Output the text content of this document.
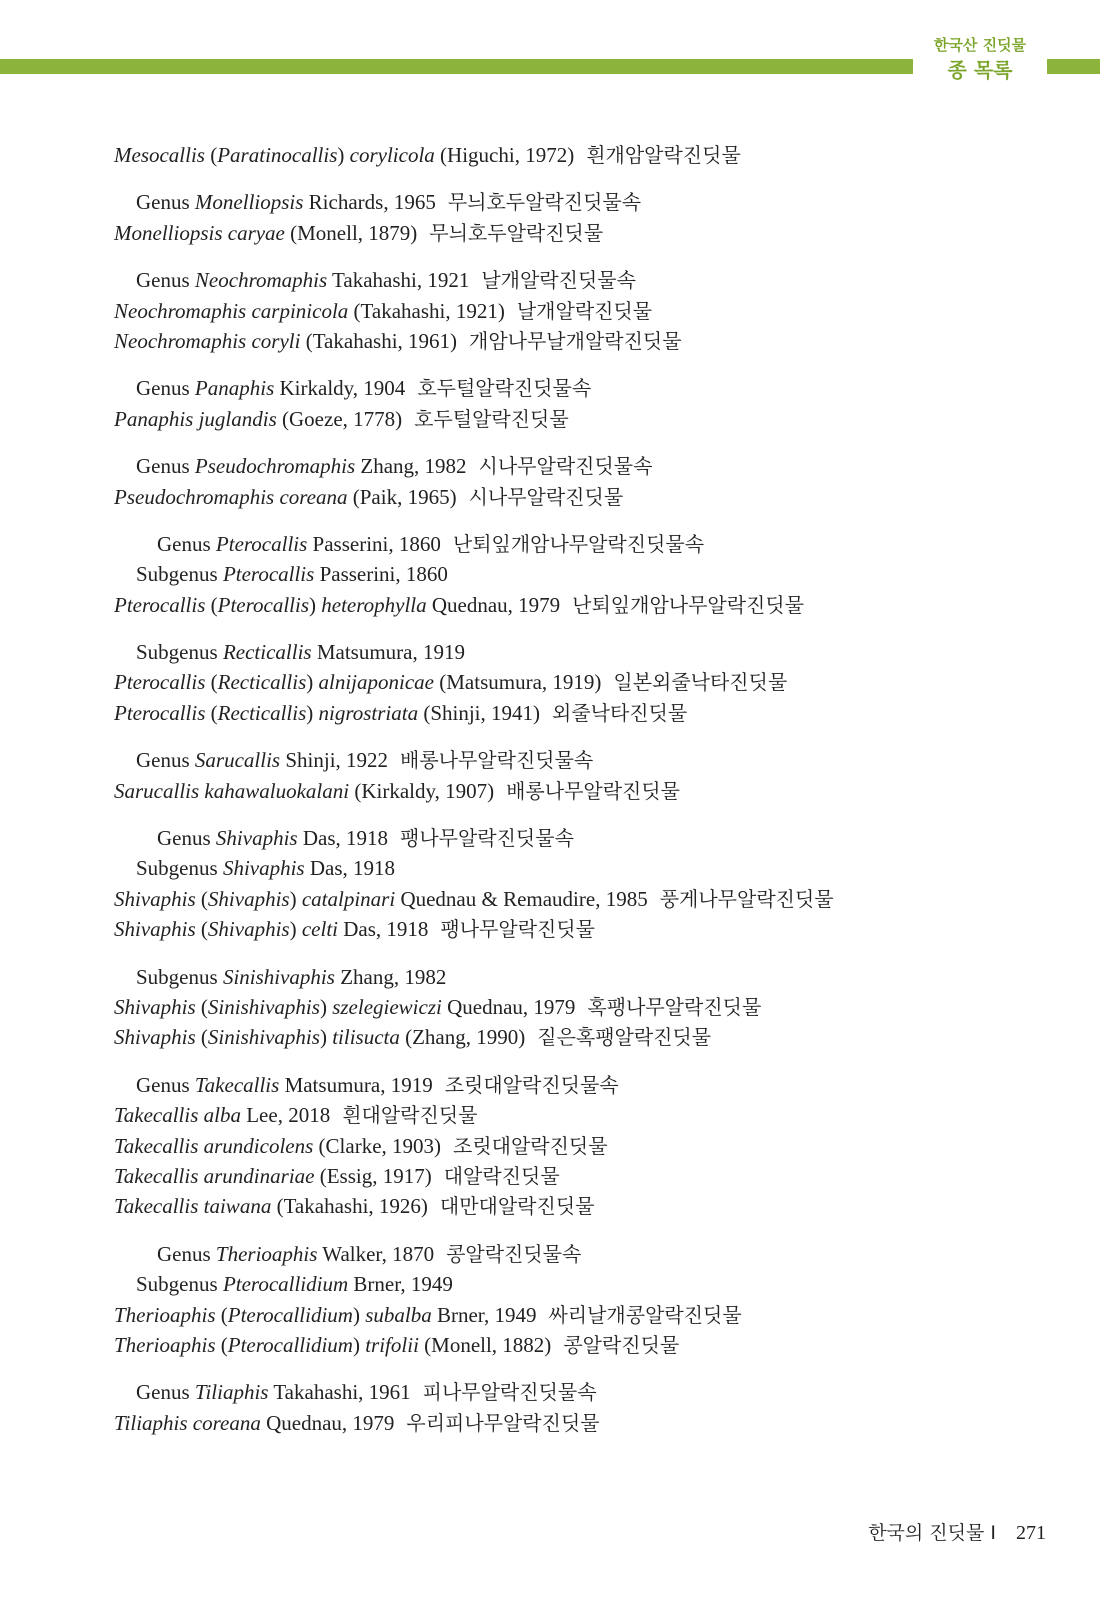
한국산 진딧물
종 목록
Mesocallis (Paratinocallis) corylicola (Higuchi, 1972) 흰개암알락진딧물
Genus Monelliopsis Richards, 1965 무늬호두알락진딧물속
Monelliopsis caryae (Monell, 1879) 무늬호두알락진딧물
Genus Neochromaphis Takahashi, 1921 날개알락진딧물속
Neochromaphis carpinicola (Takahashi, 1921) 날개알락진딧물
Neochromaphis coryli (Takahashi, 1961) 개암나무날개알락진딧물
Genus Panaphis Kirkaldy, 1904 호두털알락진딧물속
Panaphis juglandis (Goeze, 1778) 호두털알락진딧물
Genus Pseudochromaphis Zhang, 1982 시나무알락진딧물속
Pseudochromaphis coreana (Paik, 1965) 시나무알락진딧물
Genus Pterocallis Passerini, 1860 난퇴잎개암나무알락진딧물속
Subgenus Pterocallis Passerini, 1860
Pterocallis (Pterocallis) heterophylla Quednau, 1979 난퇴잎개암나무알락진딧물
Subgenus Recticallis Matsumura, 1919
Pterocallis (Recticallis) alnijaponicae (Matsumura, 1919) 일본외줄낙타진딧물
Pterocallis (Recticallis) nigrostriata (Shinji, 1941) 외줄낙타진딧물
Genus Sarucallis Shinji, 1922 배롱나무알락진딧물속
Sarucallis kahawaluokalani (Kirkaldy, 1907) 배롱나무알락진딧물
Genus Shivaphis Das, 1918 팽나무알락진딧물속
Subgenus Shivaphis Das, 1918
Shivaphis (Shivaphis) catalpinari Quednau & Remaudire, 1985 풍게나무알락진딧물
Shivaphis (Shivaphis) celti Das, 1918 팽나무알락진딧물
Subgenus Sinishivaphis Zhang, 1982
Shivaphis (Sinishivaphis) szelegiewiczi Quednau, 1979 혹팽나무알락진딧물
Shivaphis (Sinishivaphis) tilisucta (Zhang, 1990) 짙은혹팽알락진딧물
Genus Takecallis Matsumura, 1919 조릿대알락진딧물속
Takecallis alba Lee, 2018 흰대알락진딧물
Takecallis arundicolens (Clarke, 1903) 조릿대알락진딧물
Takecallis arundinariae (Essig, 1917) 대알락진딧물
Takecallis taiwana (Takahashi, 1926) 대만대알락진딧물
Genus Therioaphis Walker, 1870 콩알락진딧물속
Subgenus Pterocallidium Brner, 1949
Therioaphis (Pterocallidium) subalba Brner, 1949 싸리날개콩알락진딧물
Therioaphis (Pterocallidium) trifolii (Monell, 1882) 콩알락진딧물
Genus Tiliaphis Takahashi, 1961 피나무알락진딧물속
Tiliaphis coreana Quednau, 1979 우리피나무알락진딧물
한국의 진딧물 I 271
